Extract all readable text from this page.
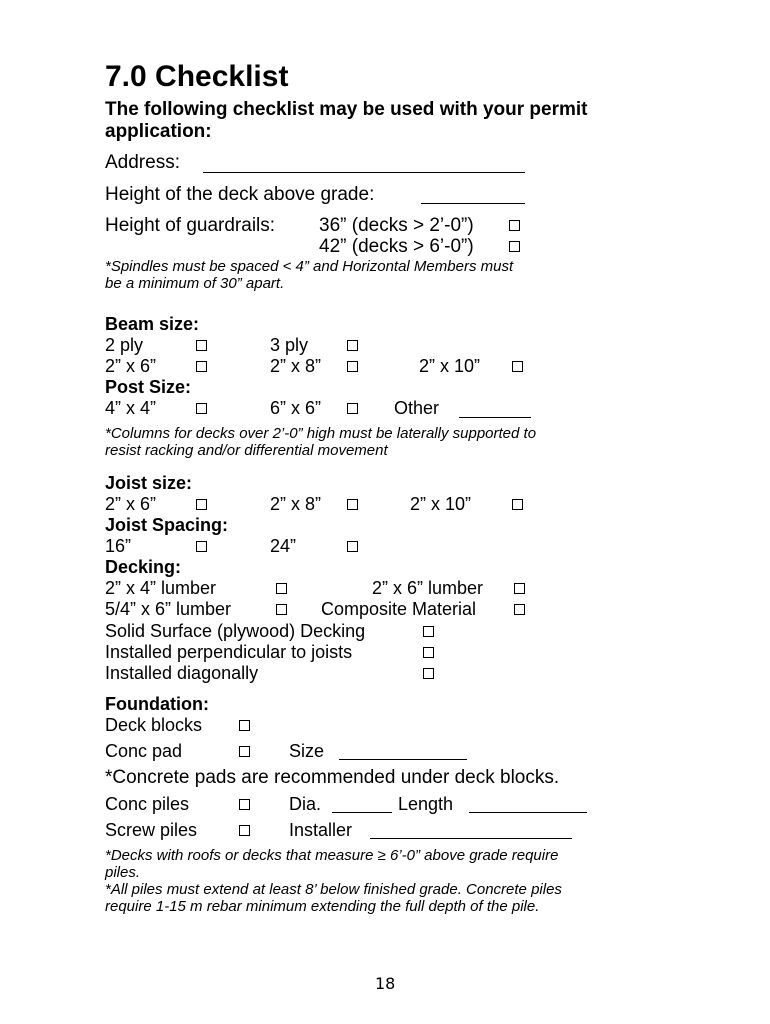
7.0 Checklist
The following checklist may be used with your permit
application:
Address:
Height of the deck above grade:
Height of guardrails: 36” (decks > 2’-0”)
42” (decks > 6’-0”)
*Spindles must be spaced < 4” and Horizontal Members must
be a minimum of 30” apart.
Beam size:
2 ply	3 ply
2” x 6”	2” x 8”	2” x 10”
Post Size:
4” x 4”	6” x 6”	Other
*Columns for decks over 2’-0” high must be laterally supported to
resist racking and/or differential movement
Joist size:
2” x 6”	2” x 8”	2” x 10”
Joist Spacing:
16”	24”
Decking:
2” x 4” lumber	2” x 6” lumber
5/4” x 6” lumber	Composite Material
Solid Surface (plywood) Decking
Installed perpendicular to joists
Installed diagonally
Foundation:
Deck blocks
Conc pad	Size
*Concrete pads are recommended under deck blocks.
Conc piles	Dia.	Length
Screw piles	Installer
*Decks with roofs or decks that measure ≥ 6’-0” above grade require
piles.
*All piles must extend at least 8’ below finished grade. Concrete piles
require 1-15 m rebar minimum extending the full depth of the pile.
18
